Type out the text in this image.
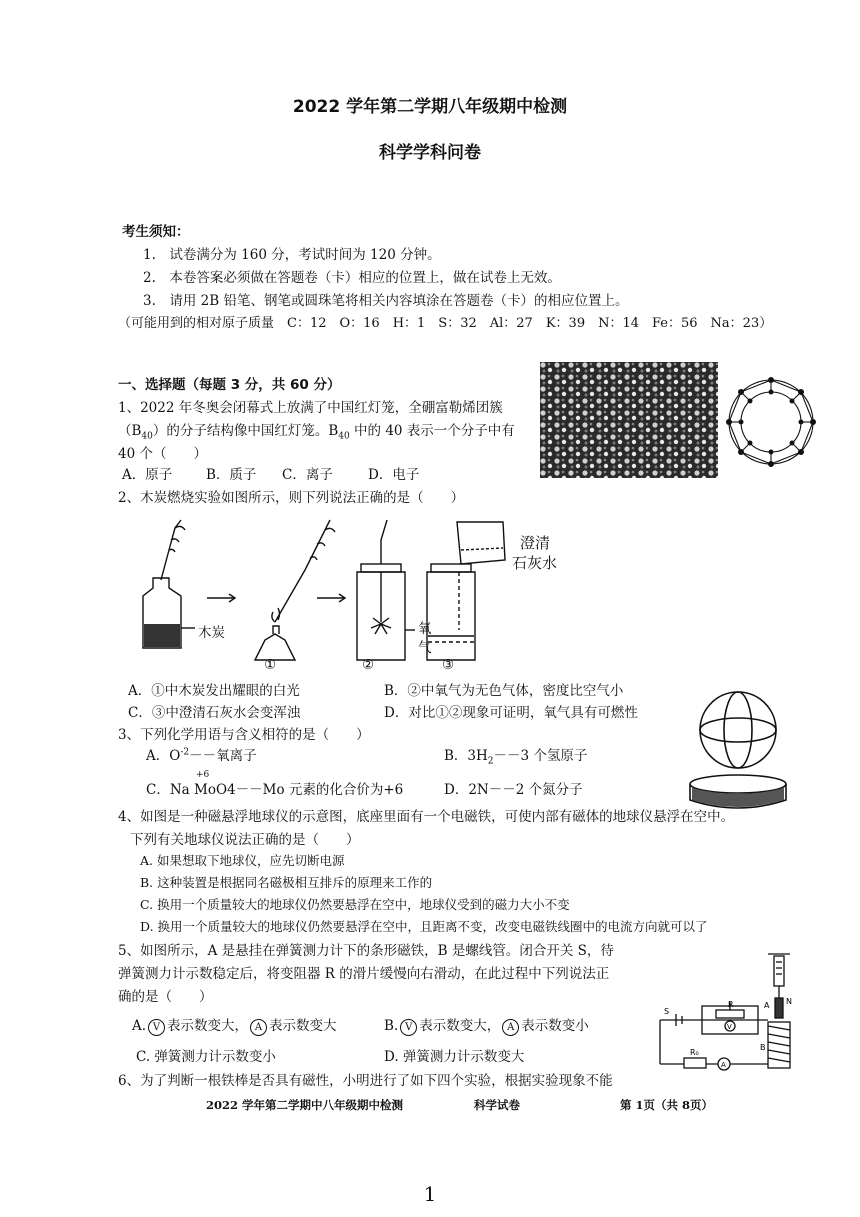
2022 学年第二学期八年级期中检测
科学学科问卷
考生须知：
1.　试卷满分为 160 分，考试时间为 120 分钟。
2.　本卷答案必须做在答题卷（卡）相应的位置上，做在试卷上无效。
3.　请用 2B 铅笔、钢笔或圆珠笔将相关内容填涂在答题卷（卡）的相应位置上。
（可能用到的相对原子质量　C：12　O：16　H：1　S：32　Al：27　K：39　N：14　Fe：56　Na：23）
一、选择题（每题 3 分，共 60 分）
1、2022 年冬奥会闭幕式上放满了中国红灯笼，全硼富勒烯团簇
$(B_{40})$的分子结构像中国红灯笼。$B_{40}$ 中的 40 表示一个分子中有
40 个（　　）
A．原子	B．质子 C．离子	D．电子
2、木炭燃烧实验如图所示，则下列说法正确的是（　　）
木炭	氧
气
澄清
石灰水
①	②	③
A．①中木炭发出耀眼的白光	B．②中氧气为无色气体，密度比空气小
C．③中澄清石灰水会变浑浊	D．对比①②现象可证明，氧气具有可燃性
3、下列化学用语与含义相符的是（　　）
A．$O^{-2}--$氧离子	B．$3H_2--3$ 个氢原子
C．Na
+6
MoO4－－Mo 元素的化合价为+6	D．2N－－2 个氮分子
4、如图是一种磁悬浮地球仪的示意图，底座里面有一个电磁铁，可使内部有磁体的地球仪悬浮在空中。
下列有关地球仪说法正确的是（　　）
A. 如果想取下地球仪，应先切断电源
B. 这种装置是根据同名磁极相互排斥的原理来工作的
C. 换用一个质量较大的地球仪仍然要悬浮在空中，地球仪受到的磁力大小不变
D. 换用一个质量较大的地球仪仍然要悬浮在空中，且距离不变，改变电磁铁线圈中的电流方向就可以了
5、如图所示，A 是悬挂在弹簧测力计下的条形磁铁，B 是螺线管。闭合开关 S，待
弹簧测力计示数稳定后，将变阻器 R 的滑片缓慢向右滑动，在此过程中下列说法正
确的是（　　）
A. V 表示数变大， A 表示数变大	B. V 表示数变大， A 表示数变小
C. 弹簧测力计示数变小	D. 弹簧测力计示数变大
S
R
R₀
A
B
N
V
A
6、为了判断一根铁棒是否具有磁性，小明进行了如下四个实验，根据实验现象不能
2022 学年第二学期中八年级期中检测	科学试卷	第 1页（共 8页）
1
